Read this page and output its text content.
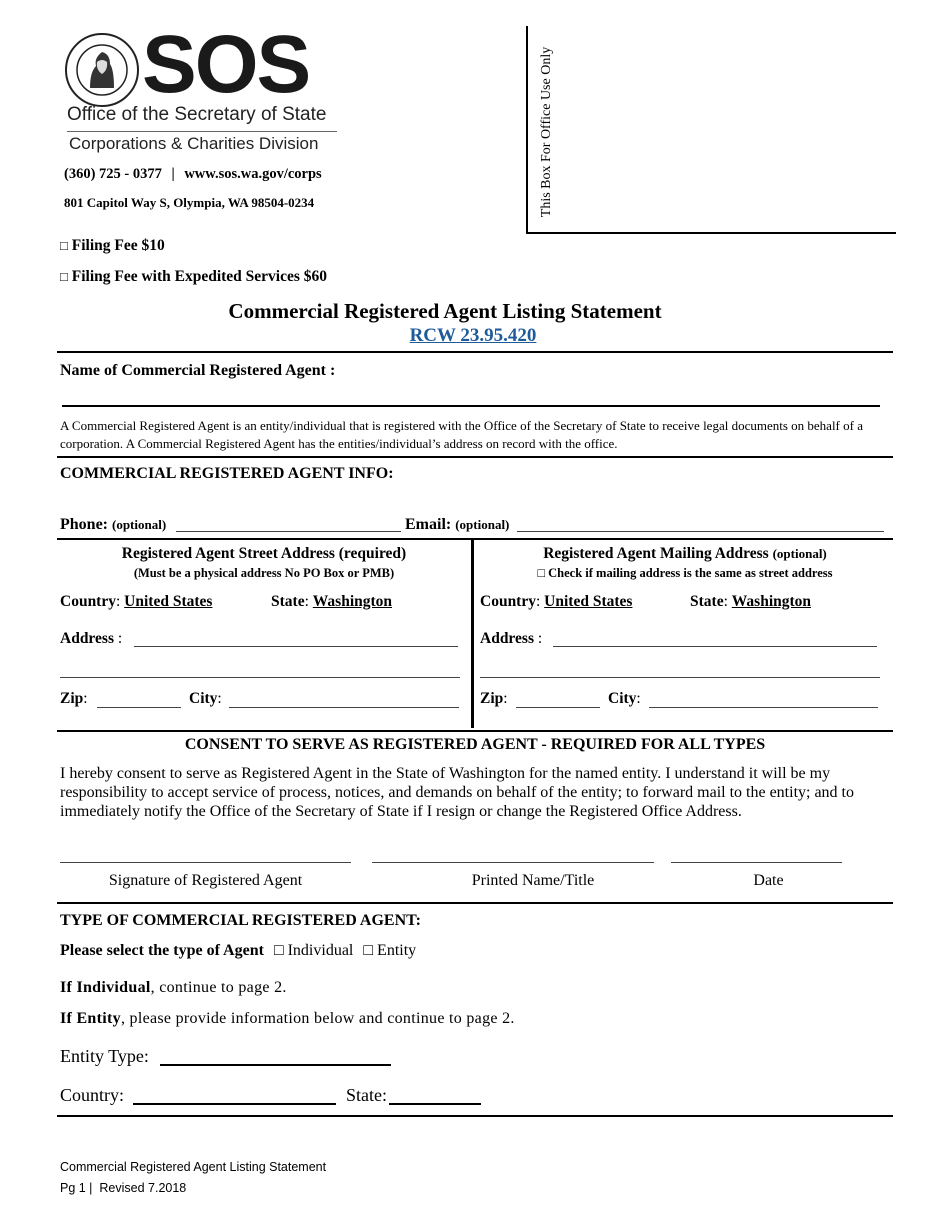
SOS
Office of the Secretary of State
Corporations & Charities Division
(360) 725 - 0377 | www.sos.wa.gov/corps
801 Capitol Way S, Olympia, WA 98504-0234	This Box For Office Use Only
□ Filing Fee $10
□ Filing Fee with Expedited Services $60
Commercial Registered Agent Listing Statement
RCW 23.95.420
Name of Commercial Registered Agent :
A Commercial Registered Agent is an entity/individual that is registered with the Office of the Secretary of State to receive legal documents on behalf of a corporation. A Commercial Registered Agent has the entities/individual’s address on record with the office.
COMMERCIAL REGISTERED AGENT INFO:
Phone: (optional)	Email: (optional)
Registered Agent Street Address (required)
(Must be a physical address No PO Box or PMB)
Country: United States	State: Washington
Address :
Zip:	City:
Registered Agent Mailing Address (optional)
□ Check if mailing address is the same as street address
Country: United States	State: Washington
Address :
Zip:	City:
CONSENT TO SERVE AS REGISTERED AGENT - REQUIRED FOR ALL TYPES
I hereby consent to serve as Registered Agent in the State of Washington for the named entity. I understand it will be my responsibility to accept service of process, notices, and demands on behalf of the entity; to forward mail to the entity; and to immediately notify the Office of the Secretary of State if I resign or change the Registered Office Address.
Signature of Registered Agent	Printed Name/Title	Date
TYPE OF COMMERCIAL REGISTERED AGENT:
Please select the type of Agent □ Individual □ Entity
If Individual, continue to page 2.
If Entity, please provide information below and continue to page 2.
Entity Type:
Country:	State:
Commercial Registered Agent Listing Statement
Pg 1 |  Revised 7.2018
